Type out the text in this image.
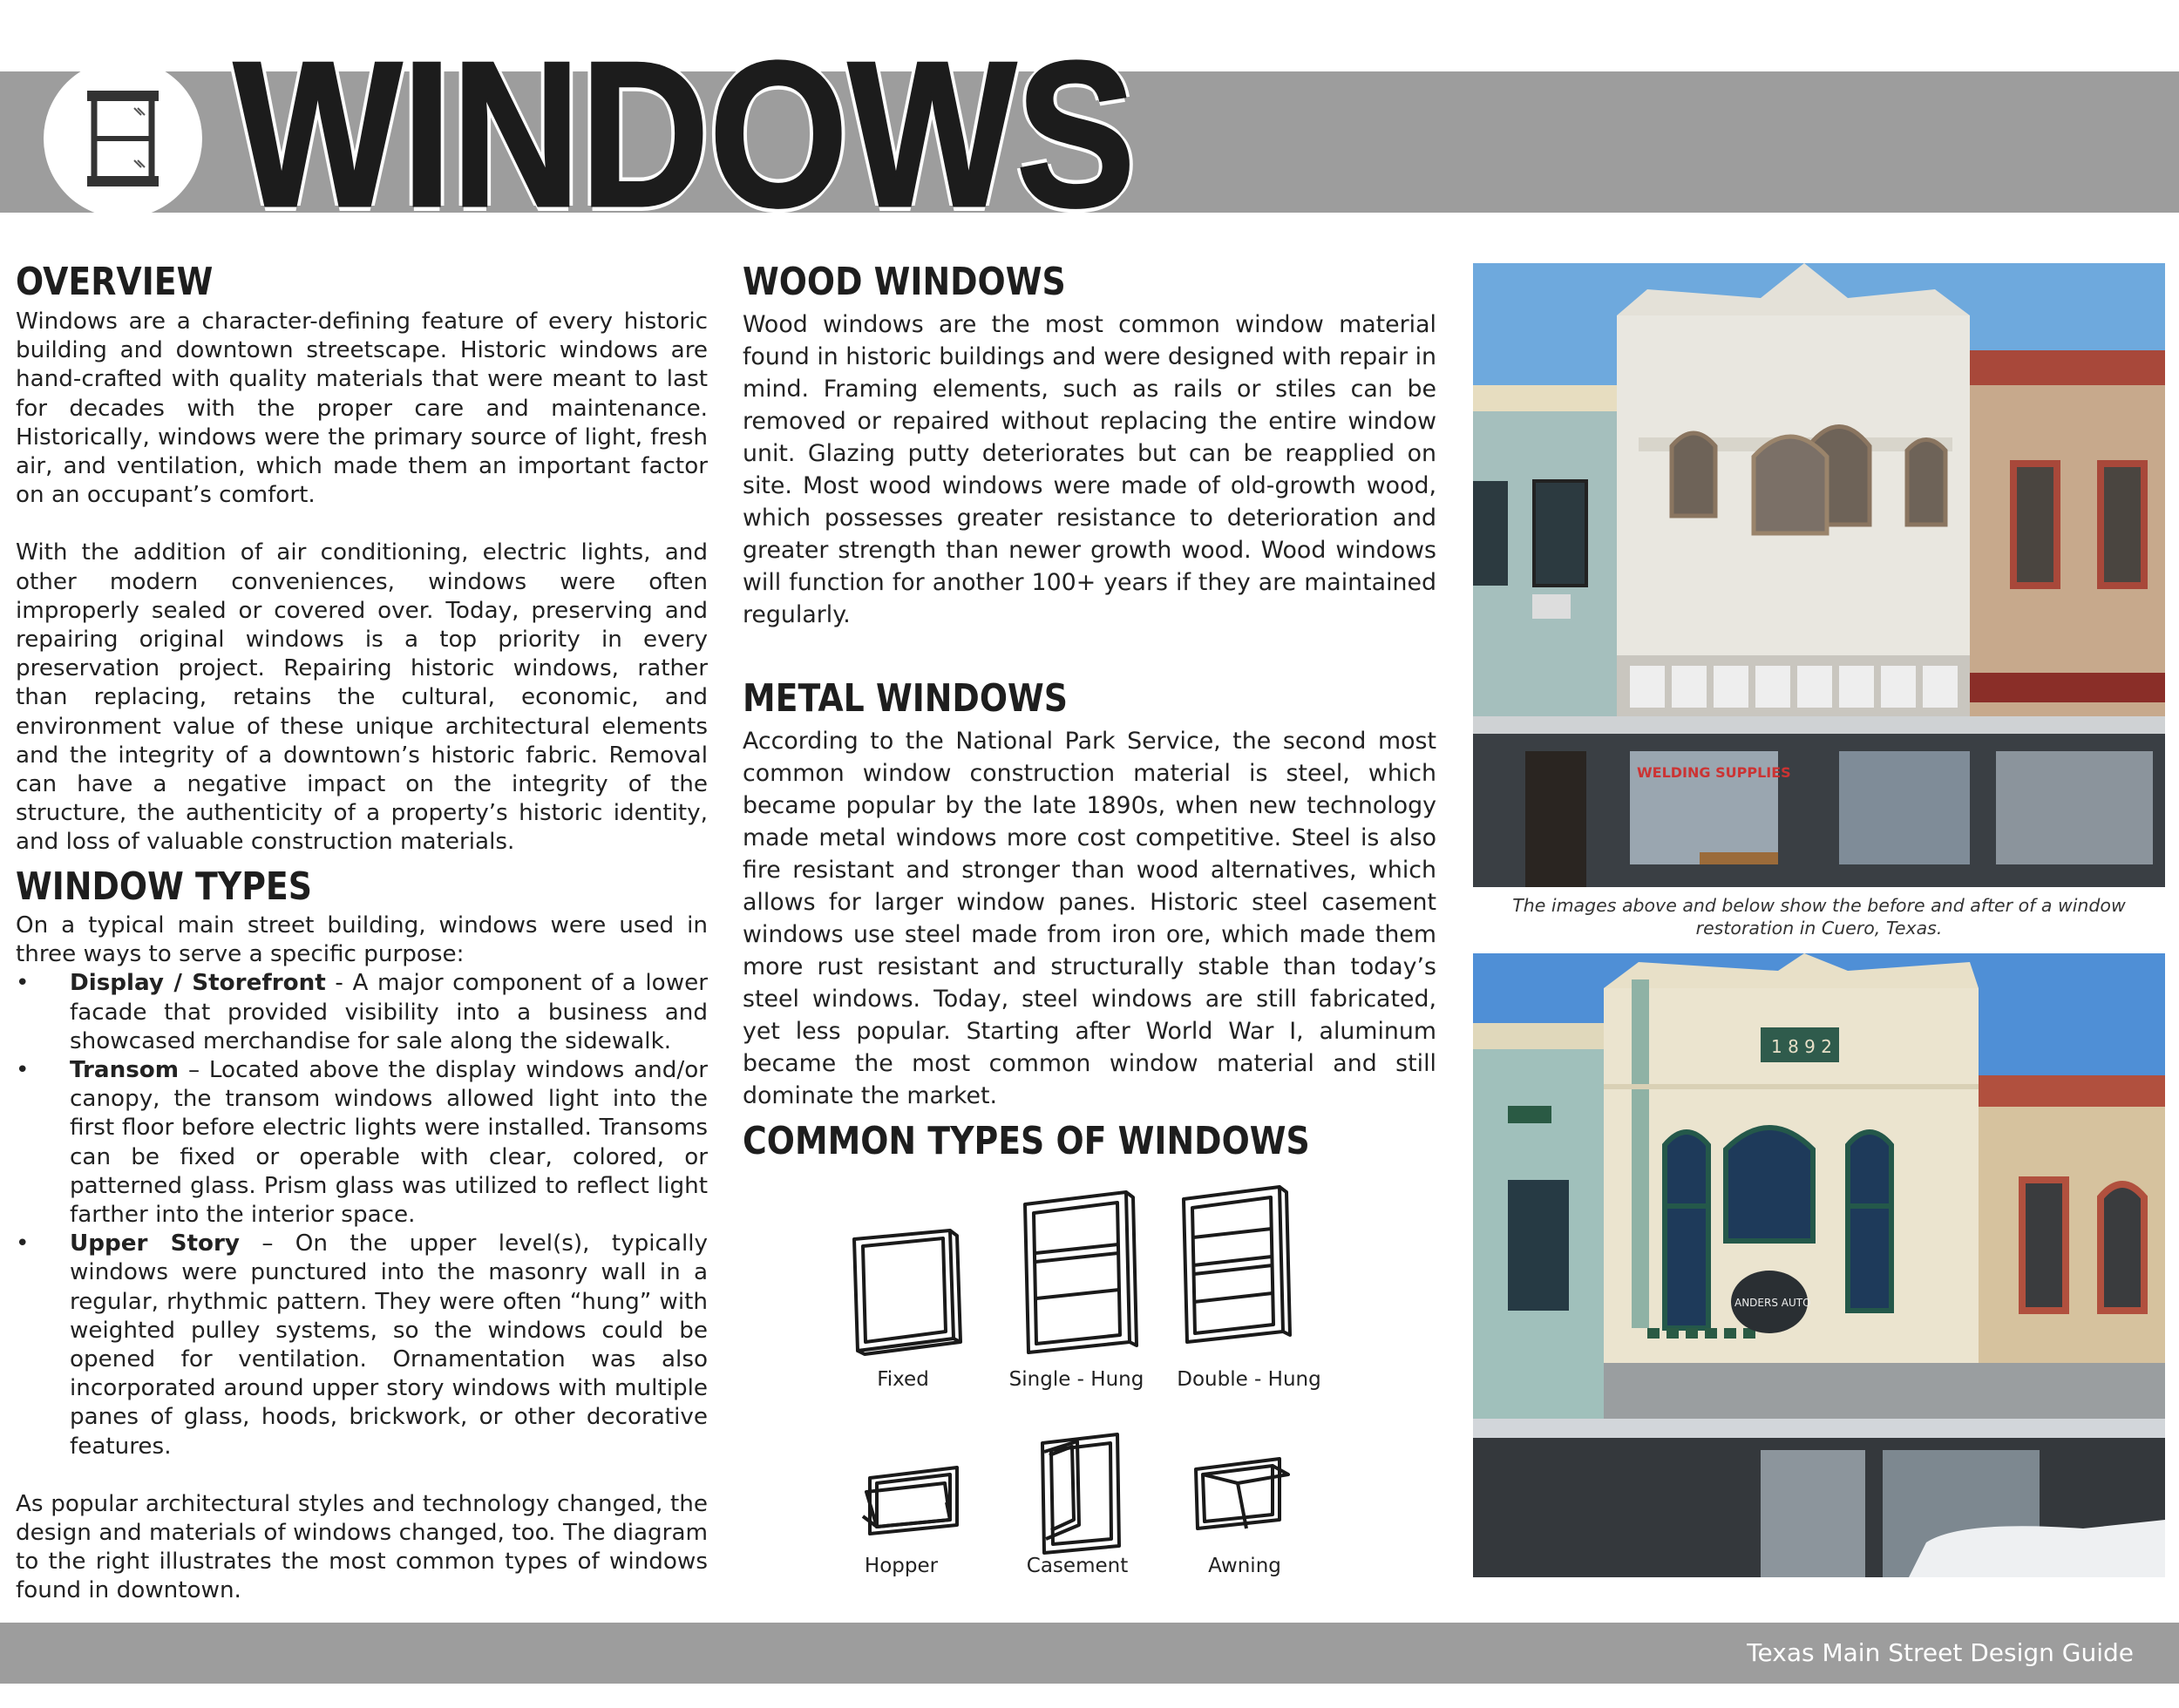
WINDOWS
OVERVIEW

Windows are a character-defining feature of every historic building and downtown streetscape. Historic windows are hand-crafted with quality materials that were meant to last for decades with the proper care and maintenance. Historically, windows were the primary source of light, fresh air, and ventilation, which made them an important factor on an occupant’s comfort.

With the addition of air conditioning, electric lights, and other modern conveniences, windows were often improperly sealed or covered over. Today, preserving and repairing original windows is a top priority in every preservation project. Repairing historic windows, rather than replacing, retains the cultural, economic, and environment value of these unique architectural elements and the integrity of a downtown’s historic fabric. Removal can have a negative impact on the integrity of the structure, the authenticity of a property’s historic identity, and loss of valuable construction materials.

WINDOW TYPES

On a typical main street building, windows were used in three ways to serve a specific purpose:

• Display / Storefront - A major component of a lower facade that provided visibility into a business and showcased merchandise for sale along the sidewalk.
• Transom – Located above the display windows and/or canopy, the transom windows allowed light into the first floor before electric lights were installed. Transoms can be fixed or operable with clear, colored, or patterned glass. Prism glass was utilized to reflect light farther into the interior space.
• Upper Story – On the upper level(s), typically windows were punctured into the masonry wall in a regular, rhythmic pattern. They were often “hung” with weighted pulley systems, so the windows could be opened for ventilation. Ornamentation was also incorporated around upper story windows with multiple panes of glass, hoods, brickwork, or other decorative features.

As popular architectural styles and technology changed, the design and materials of windows changed, too. The diagram to the right illustrates the most common types of windows found in downtown.

WOOD WINDOWS

Wood windows are the most common window material found in historic buildings and were designed with repair in mind. Framing elements, such as rails or stiles can be removed or repaired without replacing the entire window unit. Glazing putty deteriorates but can be reapplied on site. Most wood windows were made of old-growth wood, which possesses greater resistance to deterioration and greater strength than newer growth wood. Wood windows will function for another 100+ years if they are maintained regularly.

METAL WINDOWS

According to the National Park Service, the second most common window construction material is steel, which became popular by the late 1890s, when new technology made metal windows more cost competitive. Steel is also fire resistant and stronger than wood alternatives, which allows for larger window panes. Historic steel casement windows use steel made from iron ore, which made them more rust resistant and structurally stable than today’s steel windows. Today, steel windows are still fabricated, yet less popular. Starting after World War I, aluminum became the most common window material and still dominate the market.

COMMON TYPES OF WINDOWS
Fixed	Single - Hung	Double - Hung
Hopper	Casement	Awning
WELDING SUPPLIES
The images above and below show the before and after of a window restoration in Cuero, Texas.
1 8 9 2
ANDERS AUTO
Texas Main Street Design Guide
